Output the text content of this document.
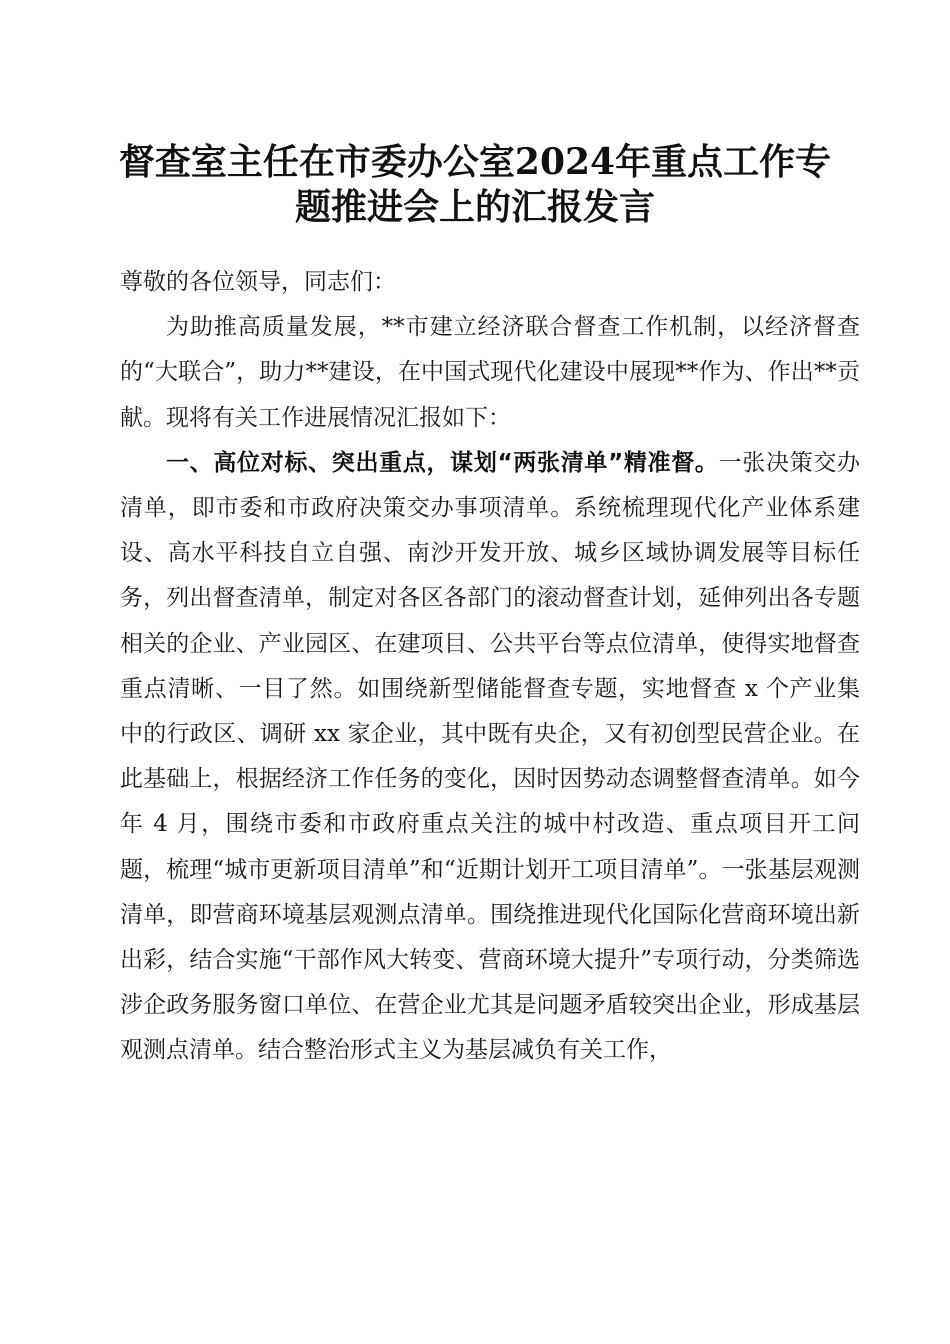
督查室主任在市委办公室2024年重点工作专
题推进会上的汇报发言

尊敬的各位领导，同志们：

为助推高质量发展，**市建立经济联合督查工作机制，以经济督查的“大联合”，助力**建设，在中国式现代化建设中展现**作为、作出**贡献。现将有关工作进展情况汇报如下：

一、高位对标、突出重点，谋划“两张清单”精准督。一张决策交办清单，即市委和市政府决策交办事项清单。系统梳理现代化产业体系建设、高水平科技自立自强、南沙开发开放、城乡区域协调发展等目标任务，列出督查清单，制定对各区各部门的滚动督查计划，延伸列出各专题相关的企业、产业园区、在建项目、公共平台等点位清单，使得实地督查重点清晰、一目了然。如围绕新型储能督查专题，实地督查 x 个产业集中的行政区、调研 xx 家企业，其中既有央企，又有初创型民营企业。在此基础上，根据经济工作任务的变化，因时因势动态调整督查清单。如今年 4 月，围绕市委和市政府重点关注的城中村改造、重点项目开工问题，梳理“城市更新项目清单”和“近期计划开工项目清单”。一张基层观测清单，即营商环境基层观测点清单。围绕推进现代化国际化营商环境出新出彩，结合实施“干部作风大转变、营商环境大提升”专项行动，分类筛选涉企政务服务窗口单位、在营企业尤其是问题矛盾较突出企业，形成基层观测点清单。结合整治形式主义为基层减负有关工作，
